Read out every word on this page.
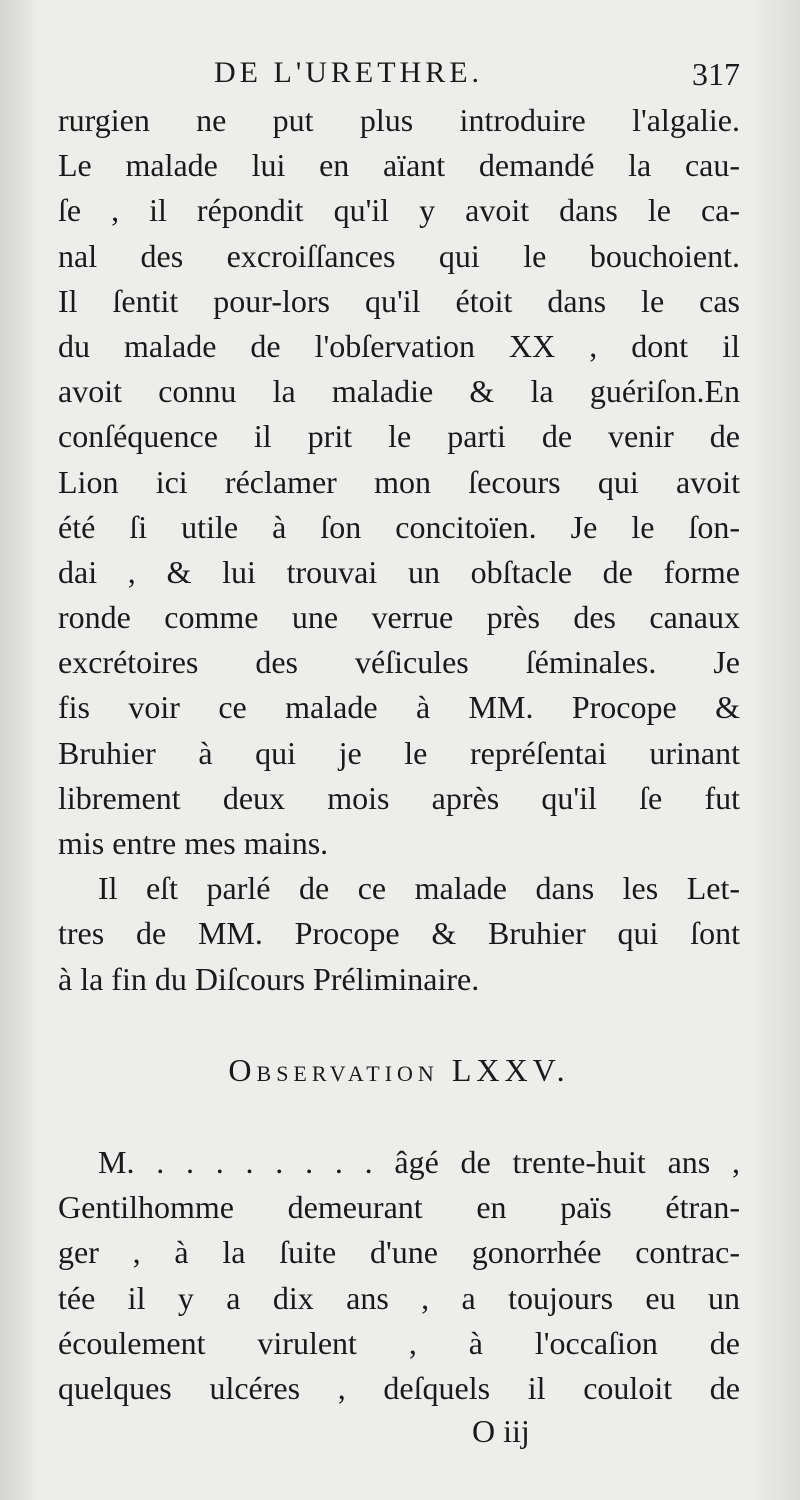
DE L'URETHRE.	317
rurgien ne put plus introduire l'algalie.
Le malade lui en aïant demandé la cau-
ſe , il répondit qu'il y avoit dans le ca-
nal des excroiſſances qui le bouchoient.
Il ſentit pour-lors qu'il étoit dans le cas
du malade de l'obſervation XX , dont il
avoit connu la maladie & la guériſon.En
conſéquence il prit le parti de venir de
Lion ici réclamer mon ſecours qui avoit
été ſi utile à ſon concitoïen. Je le ſon-
dai , & lui trouvai un obſtacle de forme
ronde comme une verrue près des canaux
excrétoires des véſicules ſéminales. Je
fis voir ce malade à MM. Procope &
Bruhier à qui je le repréſentai urinant
librement deux mois après qu'il ſe fut
mis entre mes mains.
Il eſt parlé de ce malade dans les Let-
tres de MM. Procope & Bruhier qui ſont
à la fin du Diſcours Préliminaire.
Observation LXXV.
M. . . . . . . . . âgé de trente-huit ans ,
Gentilhomme demeurant en païs étran-
ger , à la ſuite d'une gonorrhée contrac-
tée il y a dix ans , a toujours eu un
écoulement virulent , à l'occaſion de
quelques ulcéres , deſquels il couloit de
O iij
